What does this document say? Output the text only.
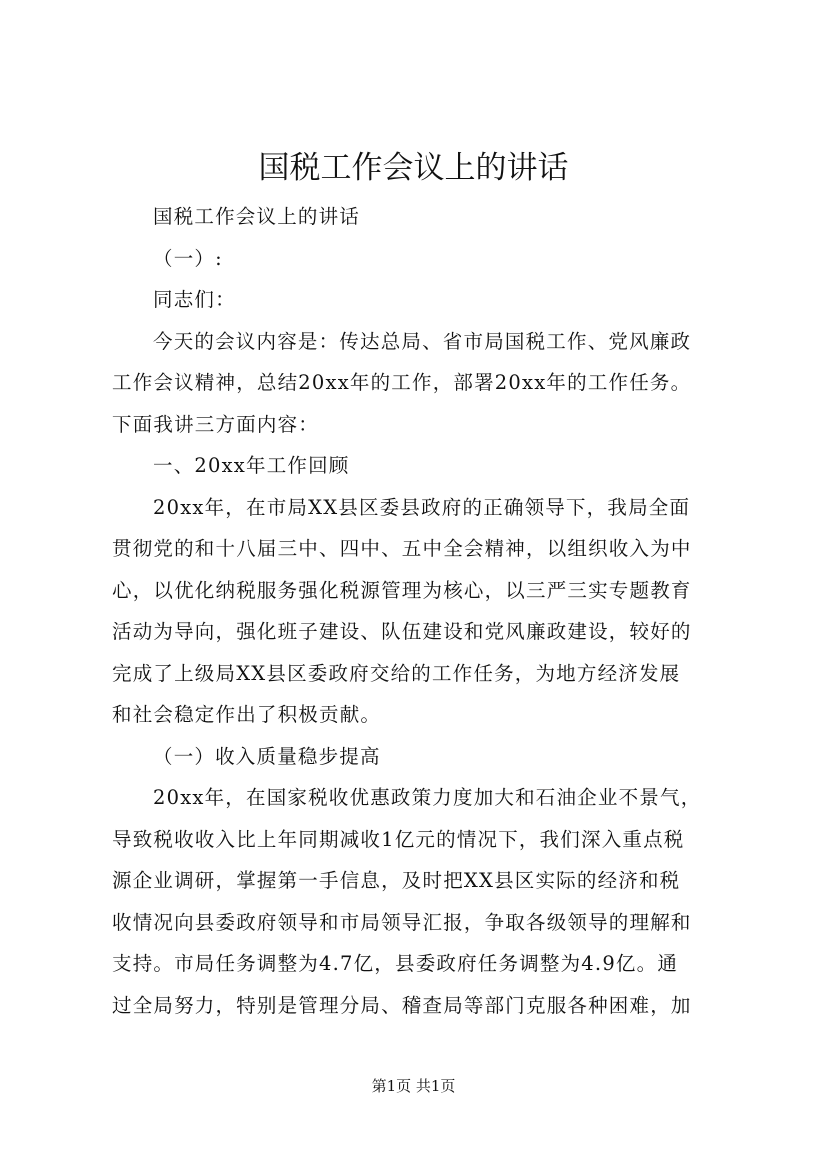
国税工作会议上的讲话
国税工作会议上的讲话
（一）:
同志们：
今天的会议内容是：传达总局、省市局国税工作、党风廉政
工作会议精神，总结20xx年的工作，部署20xx年的工作任务。
下面我讲三方面内容：
一、20xx年工作回顾
20xx年，在市局XX县区委县政府的正确领导下，我局全面
贯彻党的和十八届三中、四中、五中全会精神，以组织收入为中
心，以优化纳税服务强化税源管理为核心，以三严三实专题教育
活动为导向，强化班子建设、队伍建设和党风廉政建设，较好的
完成了上级局XX县区委政府交给的工作任务，为地方经济发展
和社会稳定作出了积极贡献。
（一）收入质量稳步提高
20xx年，在国家税收优惠政策力度加大和石油企业不景气，
导致税收收入比上年同期减收1亿元的情况下，我们深入重点税
源企业调研，掌握第一手信息，及时把XX县区实际的经济和税
收情况向县委政府领导和市局领导汇报，争取各级领导的理解和
支持。市局任务调整为4.7亿，县委政府任务调整为4.9亿。通
过全局努力，特别是管理分局、稽查局等部门克服各种困难，加
第1页 共1页
